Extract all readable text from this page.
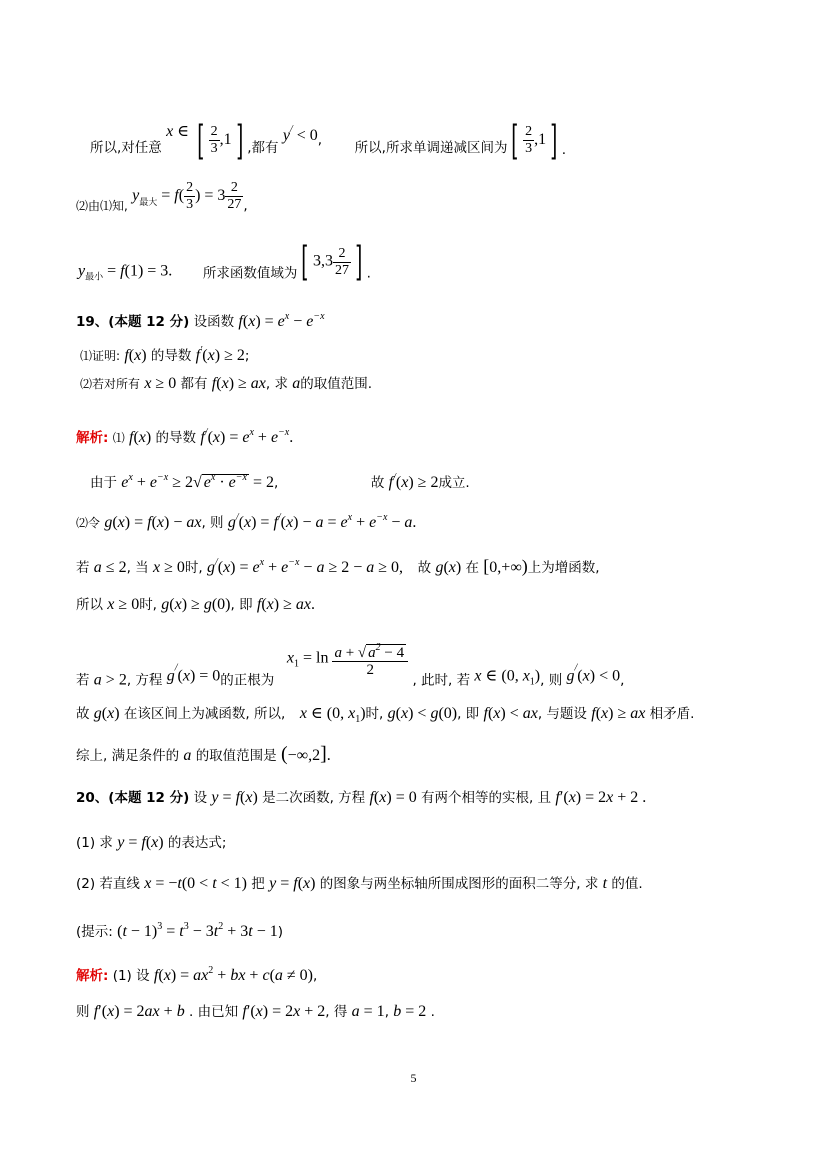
所以,对任意 x ∈ [ $\frac{2}{3} ,1$ ] ,都有 y/ < 0, 所以,所求单调递减区间为 [ $\frac{2}{3} ,1$ ] .
⑵由⑴知, $y_{最大} = f( \frac{2}{3}$ ) = $3 \frac{2}{27}$ ,
$y_{最小} = f(1) = 3$. 所求函数值域为 [ $3,3 \frac{2}{27}$ ] .
19、(本题 12 分) 设函数 $f(x) = e^x - e^{-x}$
⑴证明: f(x) 的导数 f′(x) ≥ 2;
⑵若对所有 x ≥ 0 都有 f(x) ≥ ax, 求 a的取值范围.
解析: ⑴ f(x) 的导数 $f^/(x) = e^x + e^{-x}$.
由于 $e^x + e^{-x} \ge 2√$ $e^x \cdot e^{-x} = 2$,	故 f/(x) ≥ 2成立.
⑵令 g(x) = f(x) − ax, 则 $g^/(x) = f^/(x) - a = e^x + e^{-x} - a$.
若 a ≤ 2, 当 x ≥ 0时, $g^/(x) = e^x + e^{-x} - a \ge 2 - a \ge 0$, 故 g(x) 在 [0,+∞)上为增函数,
所以 x ≥ 0时, g(x) ≥ g(0), 即 f(x) ≥ ax.
若 a > 2, 方程 $g_/(x) = 0$的正根为  $x_1 = \ln \frac{a + √ a^2 - 4}{2}$
, 此时, 若 x ∈ (0, $x_1$), 则 $g_/(x) < 0$,
故 g(x) 在该区间上为减函数, 所以, x ∈ (0, $x_1$)时, g(x) < g(0), 即 f(x) < ax, 与题设 f(x) ≥ ax 相矛盾.
综上, 满足条件的 a 的取值范围是 (−∞,2].
20、(本题 12 分) 设 y = f(x) 是二次函数, 方程 f(x) = 0 有两个相等的实根, 且 f′(x) = 2x + 2 .
(1) 求 y = f(x) 的表达式;
(2) 若直线 x = −t(0 < t < 1) 把 y = f(x) 的图象与两坐标轴所围成图形的面积二等分, 求 t 的值.
(提示: $(t - 1)^3 = t^3 - 3t^2 + 3t - 1$)
解析: (1) 设 $f(x) = ax^2$ + bx + c(a ≠ 0),
则 f′(x) = 2ax + b . 由已知 f′(x) = 2x + 2, 得 a = 1, b = 2 .
5
